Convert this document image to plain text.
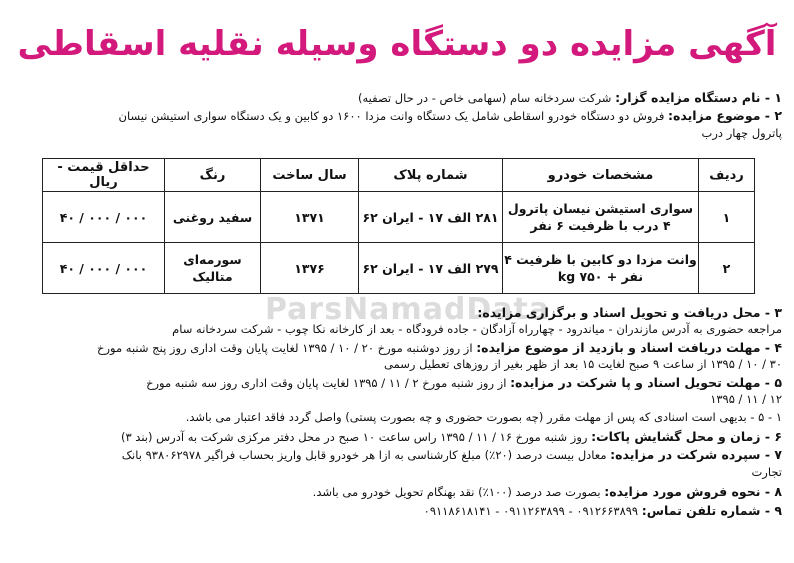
آگهی مزایده دو دستگاه وسیله نقلیه اسقاطی
۱ - نام دستگاه مزایده گزار: شرکت سردخانه سام (سهامی خاص - در حال تصفیه)
۲ - موضوع مزایده: فروش دو دستگاه خودرو اسقاطی شامل یک دستگاه وانت مزدا ۱۶۰۰ دو کابین و یک دستگاه سواری استیشن نیسان
پاترول چهار درب
ردیف	مشخصات خودرو	شماره پلاک	سال ساخت	رنگ	حداقل قیمت - ریال
۱	سواری استیشن نیسان پاترول ۴ درب با ظرفیت ۶ نفر	۲۸۱ الف ۱۷ - ایران ۶۲	۱۳۷۱	سفید روغنی	۰۰۰ / ۰۰۰ / ۴۰
۲	وانت مزدا دو کابین با ظرفیت ۴ نفر + ۷۵۰ kg	۲۷۹ الف ۱۷ - ایران ۶۲	۱۳۷۶	سورمه‌ای متالیک	۰۰۰ / ۰۰۰ / ۴۰
ParsNamadData
۳ - محل دریافت و تحویل اسناد و برگزاری مزایده:
مراجعه حضوری به آدرس مازندران - میاندرود - چهارراه آزادگان - جاده فرودگاه - بعد از کارخانه نکا چوب - شرکت سردخانه سام
۴ - مهلت دریافت اسناد و بازدید از موضوع مزایده: از روز دوشنبه مورخ ۲۰ / ۱۰ / ۱۳۹۵ لغایت پایان وقت اداری روز پنج شنبه مورخ
۳۰ / ۱۰ / ۱۳۹۵ از ساعت ۹ صبح لغایت ۱۵ بعد از ظهر بغیر از روزهای تعطیل رسمی
۵ - مهلت تحویل اسناد و پا شرکت در مزایده: از روز شنبه مورخ ۲ / ۱۱ / ۱۳۹۵ لغایت پایان وقت اداری روز سه شنبه مورخ
۱۲ / ۱۱ / ۱۳۹۵
۱ - ۵ - بدیهی است اسنادی که پس از مهلت مقرر (چه بصورت حضوری و چه بصورت پستی) واصل گردد فاقد اعتبار می باشد.
۶ - زمان و محل گشایش پاکات: روز شنبه مورخ ۱۶ / ۱۱ / ۱۳۹۵ راس ساعت ۱۰ صبح در محل دفتر مرکزی شرکت به آدرس (بند ۳)
۷ - سپرده شرکت در مزایده: معادل بیست درصد (۲۰٪) مبلغ کارشناسی به ازا هر خودرو قابل واریز بحساب فراگیر ۹۳۸۰۶۲۹۷۸ بانک
تجارت
۸ - نحوه فروش مورد مزایده: بصورت صد درصد (۱۰۰٪) نقد بهنگام تحویل خودرو می باشد.
۹ - شماره تلفن تماس: ۰۹۱۲۶۶۳۸۹۹ - ۰۹۱۱۲۶۳۸۹۹ - ۰۹۱۱۸۶۱۸۱۴۱
